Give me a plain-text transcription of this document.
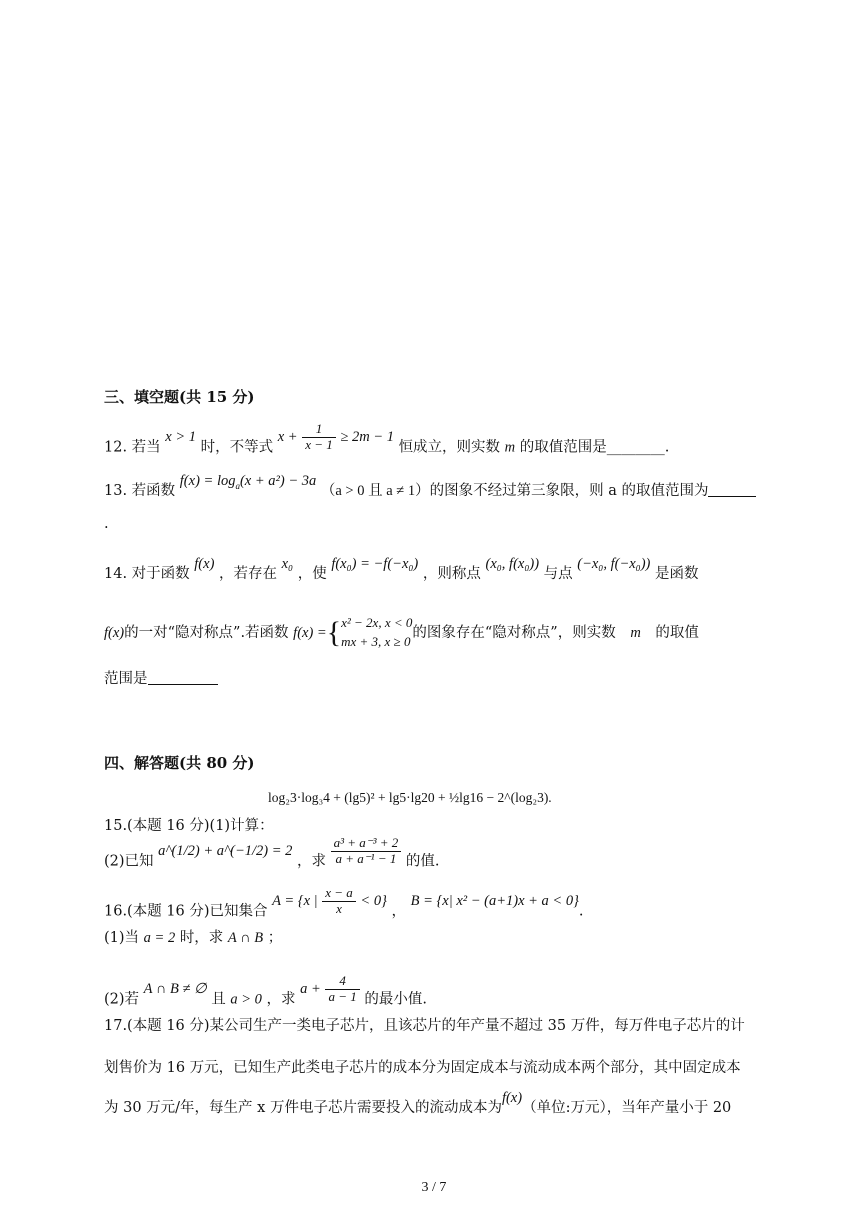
三、填空题(共 15 分)
12. 若当 x > 1 时，不等式 $x + \frac{1}{x - 1} \ge 2m - 1$ 恒成立，则实数 m 的取值范围是________.
13. 若函数 $f(x) = \log_a(x + a^2) - 3a$ （a > 0 且 a ≠ 1）的图象不经过第三象限，则 a 的取值范围为
.
14. 对于函数 f(x) ，若存在 x₀ ，使 f(x₀) = −f(−x₀) ，则称点 (x₀, f(x₀)) 与点 (−x₀, f(−x₀)) 是函数
f(x)的一对“隐对称点”.若函数 f(x) ={ x² − 2x, x < 0
mx + 3, x ≥ 0
的图象存在“隐对称点”，则实数 m 的取值
范围是
四、解答题(共 80 分)
log₂3·log₃4 + (lg5)² + lg5·lg20 + ½lg16 − 2^(log₂3).
15.(本题 16 分)(1)计算：
(2)已知 a^(1/2) + a^(−1/2) = 2 ，求 $\frac{\text{a³ + a⁻³ + 2}}{\text{a + a⁻¹ − 1}}$ 的值.
16.(本题 16 分)已知集合 A = {x | $\frac{x - a}{x} < 0$} ， B = {x| x² − (a+1)x + a < 0}.
(1)当 a = 2 时，求 A ∩ B ；
(2)若 A ∩ B ≠ ∅ 且 a > 0 ，求 $a + \frac{4}{a - 1}$ 的最小值.
17.(本题 16 分)某公司生产一类电子芯片，且该芯片的年产量不超过 35 万件，每万件电子芯片的计
划售价为 16 万元，已知生产此类电子芯片的成本分为固定成本与流动成本两个部分，其中固定成本
为 30 万元/年，每生产 x 万件电子芯片需要投入的流动成本为f(x)（单位:万元），当年产量小于 20
3 / 7
